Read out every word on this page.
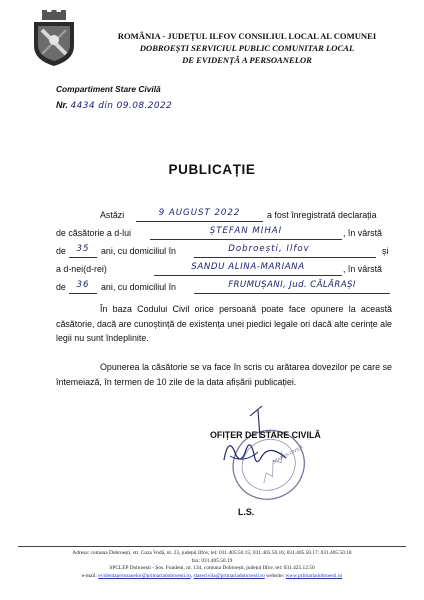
ROMÂNIA - JUDEȚUL ILFOV CONSILIUL LOCAL AL COMUNEI
DOBROEȘTI SERVICIUL PUBLIC COMUNITAR LOCAL
DE EVIDENȚĂ A PERSOANELOR
Compartiment Stare Civilă
Nr. 4434 din 09.08.2022
PUBLICAȚIE
Astăzi	9 AUGUST 2022	a fost înregistrată declarația
de căsătorie a d-lui	ȘTEFAN MIHAI	, în vârstă
de	35	ani, cu domiciliul în	Dobroești, Ilfov	și
a d-nei(d-rei)	SANDU ALINA-MARIANA	, în vârstă
de	36	ani, cu domiciliul în	FRUMUȘANI, Jud. CĂLĂRAȘI
În baza Codului Civil orice persoană poate face opunere la această căsătorie, dacă are cunoștință de existența unei piedici legale ori dacă alte cerințe ale legii nu sunt îndeplinite.
Opunerea la căsătorie se va face în scris cu arătarea dovezilor pe care se întemeiază, în termen de 10 zile de la data afișării publicației.
STAREA CIVILĂ
OFIȚER DE STARE CIVILĂ
L.S.
Adresa: comuna Dobroești, str. Cuza Vodă, nr. 23, județul Ilfov, tel: 031.405.50.15; 031.405.50.16; 031.405.50.17; 031.405.50.18
fax: 031.405.50.19
SPCLEP Dobroești - Șos. Fundeni, nr. 134, comuna Dobroești, județul Ilfov, tel: 031.425.12.50
e-mail: evidentapersoanelor@primariadobroesti.ro, starecivila@primariadobroesti.ro website: www.primariadobroesti.ro
